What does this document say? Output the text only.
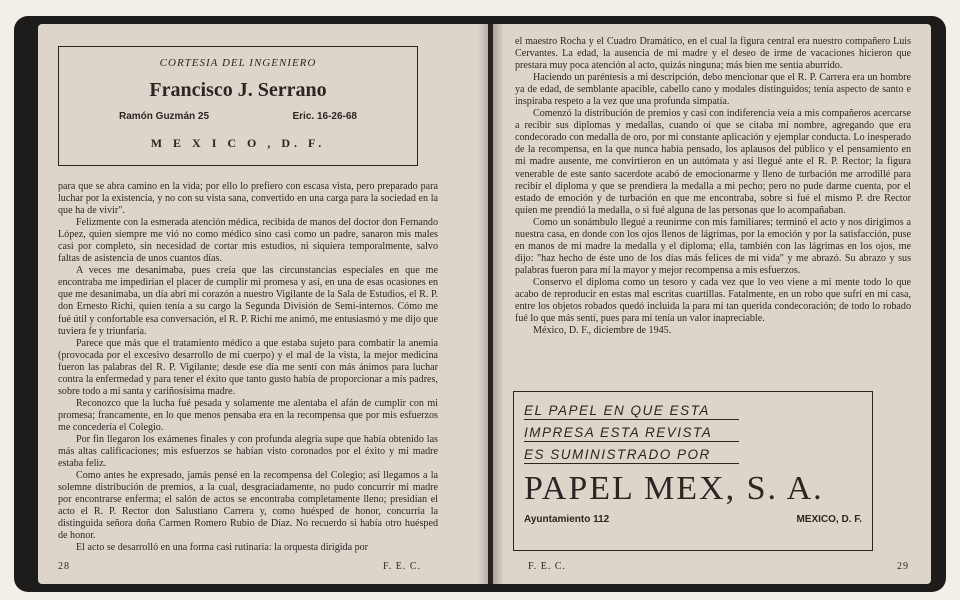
CORTESIA DEL INGENIERO
Francisco J. Serrano
Ramón Guzmán 25	Eric. 16-26-68
M E X I C O , D. F.

para que se abra camino en la vida; por ello lo prefiero con escasa vista, pero preparado para luchar por la existencia, y no con su vista sana, convertido en una carga para la sociedad en la que ha de vivir".

Felizmente con la esmerada atención médica, recibida de manos del doctor don Fernando López, quien siempre me vió no como médico sino casi como un padre, sanaron mis males casi por completo, sin necesidad de cortar mis estudios, ni siquiera temporalmente, salvo faltas de asistencia de unos cuantos días.

A veces me desanimaba, pues creía que las circunstancias especiales en que me encontraba me impedirían el placer de cumplir mi promesa y así, en una de esas ocasiones en que me desanimaba, un día abrí mi corazón a nuestro Vigilante de la Sala de Estudios, el R. P. don Ernesto Richi, quien tenía a su cargo la Segunda División de Semi-internos. Cómo me fué útil y confortable esa conversación, el R. P. Richi me animó, me entusiasmó y me dijo que tuviera fe y triunfaría.

Parece que más que el tratamiento médico a que estaba sujeto para combatir la anemia (provocada por el excesivo desarrollo de mi cuerpo) y el mal de la vista, la mejor medicina fueron las palabras del R. P. Vigilante; desde ese día me sentí con más ánimos para luchar contra la enfermedad y para tener el éxito que tanto gusto había de proporcionar a mis padres, sobre todo a mi santa y cariñosísima madre.

Reconozco que la lucha fué pesada y solamente me alentaba el afán de cumplir con mi promesa; francamente, en lo que menos pensaba era en la recompensa que por mis esfuerzos me concedería el Colegio.

Por fin llegaron los exámenes finales y con profunda alegría supe que había obtenido las más altas calificaciones; mis esfuerzos se habían visto coronados por el éxito y mi madre estaba feliz.

Como antes he expresado, jamás pensé en la recompensa del Colegio; así llegamos a la solemne distribución de premios, a la cual, desgraciadamente, no pudo concurrir mi madre por encontrarse enferma; el salón de actos se encontraba completamente lleno; presidían el acto el R. P. Rector don Salustiano Carrera y, como huésped de honor, concurría la distinguida señora doña Carmen Romero Rubio de Díaz. No recuerdo si había otro huésped de honor.

El acto se desarrolló en una forma casi rutinaria: la orquesta dirigida por

28	F. E. C.

el maestro Rocha y el Cuadro Dramático, en el cual la figura central era nuestro compañero Luis Cervantes. La edad, la ausencia de mi madre y el deseo de irme de vacaciones hicieron que prestara muy poca atención al acto, quizás ninguna; más bien me sentía aburrido.

Haciendo un paréntesis a mi descripción, debo mencionar que el R. P. Carrera era un hombre ya de edad, de semblante apacible, cabello cano y modales distinguidos; tenía aspecto de santo e inspiraba respeto a la vez que una profunda simpatía.

Comenzó la distribución de premios y casi con indiferencia veía a mis compañeros acercarse a recibir sus diplomas y medallas, cuando oí que se citaba mi nombre, agregando que era condecorado con medalla de oro, por mi constante aplicación y ejemplar conducta. Lo inesperado de la recompensa, en la que nunca había pensado, los aplausos del público y el pensamiento en mi madre ausente, me convirtieron en un autómata y así llegué ante el R. P. Rector; la figura venerable de este santo sacerdote acabó de emocionarme y lleno de turbación me arrodillé para recibir el diploma y que se prendiera la medalla a mi pecho; pero no pude darme cuenta, por el estado de emoción y de turbación en que me encontraba, sobre si fué el mismo P. dre Rector quien me prendió la medalla, o si fué alguna de las personas que lo acompañaban.

Como un sonámbulo llegué a reunirme con mis familiares; terminó el acto y nos dirigimos a nuestra casa, en donde con los ojos llenos de lágrimas, por la emoción y por la satisfacción, puse en manos de mi madre la medalla y el diploma; ella, también con las lágrimas en los ojos, me dijo: "haz hecho de éste uno de los días más felices de mi vida" y me abrazó. Su abrazo y sus palabras fueron para mí la mayor y mejor recompensa a mis esfuerzos.

Conservo el diploma como un tesoro y cada vez que lo veo viene a mi mente todo lo que acabo de reproducir en estas mal escritas cuartillas. Fatalmente, en un robo que sufrí en mi casa, entre los objetos robados quedó incluida la para mí tan querida condecoración; de todo lo robado fué lo que más sentí, pues para mí tenía un valor inapreciable.

México, D. F., diciembre de 1945.

EL PAPEL EN QUE ESTA
IMPRESA ESTA REVISTA
ES SUMINISTRADO POR
PAPEL MEX, S. A.
Ayuntamiento 112	MEXICO, D. F.
F. E. C.	29
